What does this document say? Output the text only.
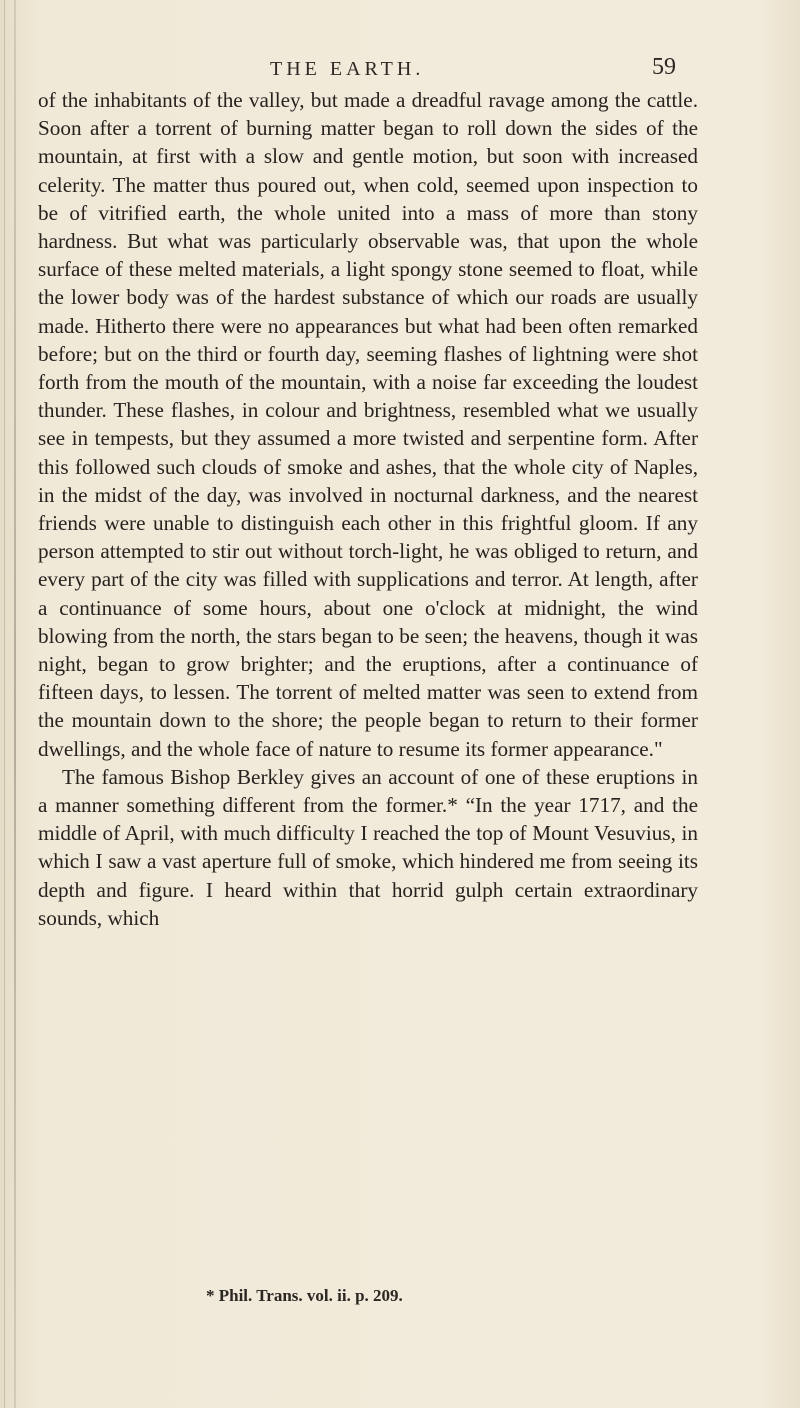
THE EARTH.	59

of the inhabitants of the valley, but made a dreadful ravage among the cattle. Soon after a torrent of burning matter began to roll down the sides of the mountain, at first with a slow and gentle motion, but soon with increased celerity. The matter thus poured out, when cold, seemed upon inspection to be of vitrified earth, the whole united into a mass of more than stony hardness. But what was particularly observable was, that upon the whole surface of these melted materials, a light spongy stone seemed to float, while the lower body was of the hardest substance of which our roads are usually made. Hitherto there were no appearances but what had been often remarked before; but on the third or fourth day, seeming flashes of lightning were shot forth from the mouth of the mountain, with a noise far exceeding the loudest thunder. These flashes, in colour and brightness, resembled what we usually see in tempests, but they assumed a more twisted and serpentine form. After this followed such clouds of smoke and ashes, that the whole city of Naples, in the midst of the day, was involved in nocturnal darkness, and the nearest friends were unable to distinguish each other in this frightful gloom. If any person attempted to stir out without torch-light, he was obliged to return, and every part of the city was filled with supplications and terror. At length, after a continuance of some hours, about one o'clock at midnight, the wind blowing from the north, the stars began to be seen; the heavens, though it was night, began to grow brighter; and the eruptions, after a continuance of fifteen days, to lessen. The torrent of melted matter was seen to extend from the mountain down to the shore; the people began to return to their former dwellings, and the whole face of nature to resume its former appearance."

The famous Bishop Berkley gives an account of one of these eruptions in a manner something different from the former.* “In the year 1717, and the middle of April, with much difficulty I reached the top of Mount Vesuvius, in which I saw a vast aperture full of smoke, which hindered me from seeing its depth and figure. I heard within that horrid gulph certain extraordinary sounds, which

* Phil. Trans. vol. ii. p. 209.
